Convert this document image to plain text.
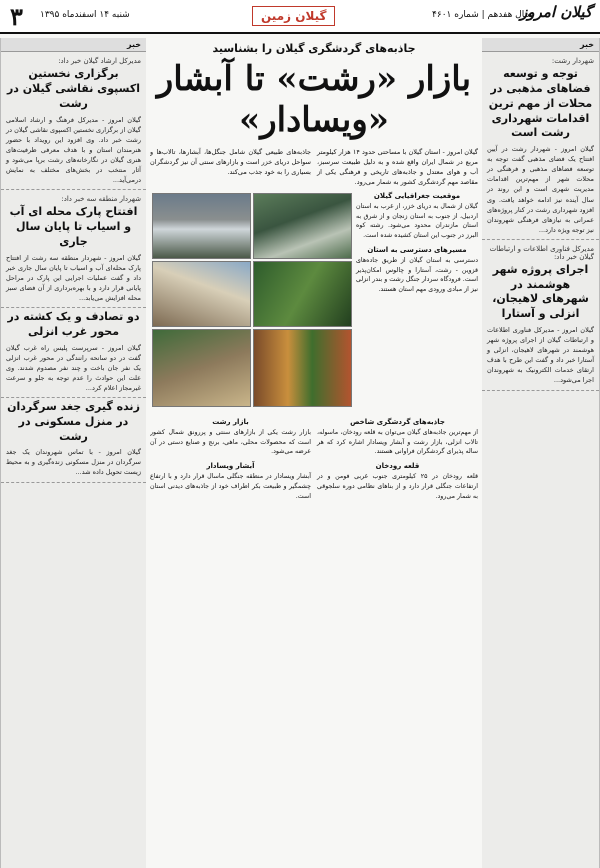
۳ شنبه ۱۴ اسفندماه ۱۳۹۵	گیلان زمین	سال هفدهم | شماره ۴۶۰۱
گیلان امروز
خبر
مدیرکل ارشاد گیلان خبر داد:
برگزاری نخستین اکسپوی نقاشی گیلان در رشت
گیلان امروز - مدیرکل فرهنگ و ارشاد اسلامی گیلان از برگزاری نخستین اکسپوی نقاشی گیلان در رشت خبر داد. وی افزود این رویداد با حضور هنرمندان استان و با هدف معرفی ظرفیت‌های هنری گیلان در نگارخانه‌های رشت برپا می‌شود و آثار منتخب در بخش‌های مختلف به نمایش درمی‌آید...
شهردار منطقه سه خبر داد:
افتتاح پارک محله ای آب و اسیاب تا پایان سال جاری
گیلان امروز - شهردار منطقه سه رشت از افتتاح پارک محله‌ای آب و اسیاب تا پایان سال جاری خبر داد و گفت عملیات اجرایی این پارک در مراحل پایانی قرار دارد و با بهره‌برداری از آن فضای سبز محله افزایش می‌یابد...
دو تصادف و یک کشته در محور غرب انزلی
گیلان امروز - سرپرست پلیس راه غرب گیلان گفت در دو سانحه رانندگی در محور غرب انزلی یک نفر جان باخت و چند نفر مصدوم شدند. وی علت این حوادث را عدم توجه به جلو و سرعت غیرمجاز اعلام کرد...
زنده گیری جغد سرگردان در منزل مسکونی در رشت
گیلان امروز - با تماس شهروندان یک جغد سرگردان در منزل مسکونی زنده‌گیری و به محیط زیست تحویل داده شد...
جاذبه‌های گردشگری گیلان را بشناسید
بازار «رشت» تا آبشار «ویسادار»
گیلان امروز - استان گیلان با مساحتی حدود ۱۴ هزار کیلومتر مربع در شمال ایران واقع شده و به دلیل طبیعت سرسبز، آب و هوای معتدل و جاذبه‌های تاریخی و فرهنگی یکی از مقاصد مهم گردشگری کشور به شمار می‌رود.
جاذبه‌های طبیعی گیلان شامل جنگل‌ها، آبشارها، تالاب‌ها و سواحل دریای خزر است و بازارهای سنتی آن نیز گردشگران بسیاری را به خود جذب می‌کند.
موقعیت جغرافیایی گیلان
گیلان از شمال به دریای خزر، از غرب به استان اردبیل، از جنوب به استان زنجان و از شرق به استان مازندران محدود می‌شود. رشته کوه البرز در جنوب این استان کشیده شده است.
مسیرهای دسترسی به استان
دسترسی به استان گیلان از طریق جاده‌های قزوین - رشت، آستارا و چالوس امکان‌پذیر است. فرودگاه سردار جنگل رشت و بندر انزلی نیز از مبادی ورودی مهم استان هستند.
جاذبه‌های گردشگری شاخص
از مهم‌ترین جاذبه‌های گیلان می‌توان به قلعه رودخان، ماسوله، تالاب انزلی، بازار رشت و آبشار ویسادار اشاره کرد که هر ساله پذیرای گردشگران فراوانی هستند.
قلعه رودخان
قلعه رودخان در ۲۵ کیلومتری جنوب غربی فومن و در ارتفاعات جنگلی قرار دارد و از بناهای نظامی دوره سلجوقی به شمار می‌رود.
بازار رشت
بازار رشت یکی از بازارهای سنتی و پررونق شمال کشور است که محصولات محلی، ماهی، برنج و صنایع دستی در آن عرضه می‌شود.
آبشار ویسادار
آبشار ویسادار در منطقه جنگلی ماسال قرار دارد و با ارتفاع چشمگیر و طبیعت بکر اطراف خود از جاذبه‌های دیدنی استان است.
خبر
شهردار رشت:
توجه و توسعه فضاهای مذهبی در محلات از مهم ترین اقدامات شهرداری رشت است
گیلان امروز - شهردار رشت در آیین افتتاح یک فضای مذهبی گفت توجه به توسعه فضاهای مذهبی و فرهنگی در محلات شهر از مهم‌ترین اقدامات مدیریت شهری است و این روند در سال آینده نیز ادامه خواهد یافت. وی افزود شهرداری رشت در کنار پروژه‌های عمرانی به نیازهای فرهنگی شهروندان نیز توجه ویژه دارد...
مدیرکل فناوری اطلاعات و ارتباطات گیلان خبر داد:
اجرای پروژه شهر هوشمند در شهرهای لاهیجان، انزلی و آستارا
گیلان امروز - مدیرکل فناوری اطلاعات و ارتباطات گیلان از اجرای پروژه شهر هوشمند در شهرهای لاهیجان، انزلی و آستارا خبر داد و گفت این طرح با هدف ارتقای خدمات الکترونیک به شهروندان اجرا می‌شود...
